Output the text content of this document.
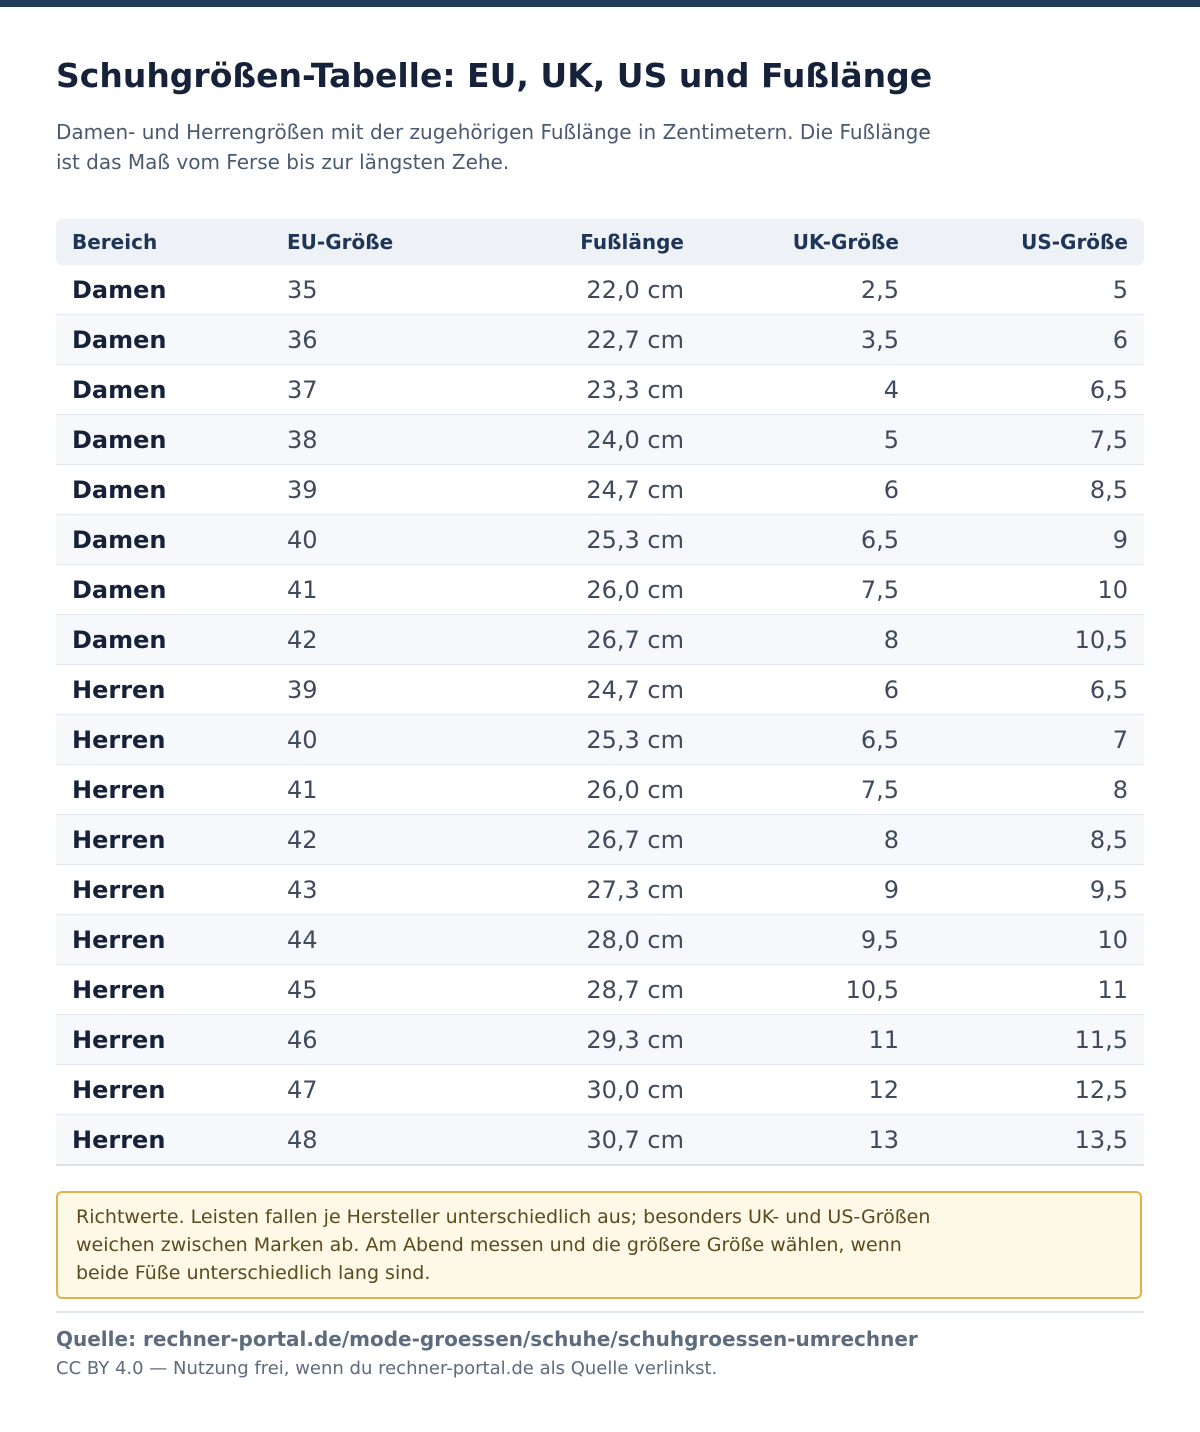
Schuhgrößen-Tabelle: EU, UK, US und Fußlänge

Damen- und Herrengrößen mit der zugehörigen Fußlänge in Zentimetern. Die Fußlänge ist das Maß vom Ferse bis zur längsten Zehe.

Bereich	EU-Größe	Fußlänge	UK-Größe	US-Größe
Damen	35	22,0 cm	2,5	5
Damen	36	22,7 cm	3,5	6
Damen	37	23,3 cm	4	6,5
Damen	38	24,0 cm	5	7,5
Damen	39	24,7 cm	6	8,5
Damen	40	25,3 cm	6,5	9
Damen	41	26,0 cm	7,5	10
Damen	42	26,7 cm	8	10,5
Herren	39	24,7 cm	6	6,5
Herren	40	25,3 cm	6,5	7
Herren	41	26,0 cm	7,5	8
Herren	42	26,7 cm	8	8,5
Herren	43	27,3 cm	9	9,5
Herren	44	28,0 cm	9,5	10
Herren	45	28,7 cm	10,5	11
Herren	46	29,3 cm	11	11,5
Herren	47	30,0 cm	12	12,5
Herren	48	30,7 cm	13	13,5

Richtwerte. Leisten fallen je Hersteller unterschiedlich aus; besonders UK- und US-Größen weichen zwischen Marken ab. Am Abend messen und die größere Größe wählen, wenn beide Füße unterschiedlich lang sind.

Quelle: rechner-portal.de/mode-groessen/schuhe/schuhgroessen-umrechner

CC BY 4.0 — Nutzung frei, wenn du rechner-portal.de als Quelle verlinkst.
